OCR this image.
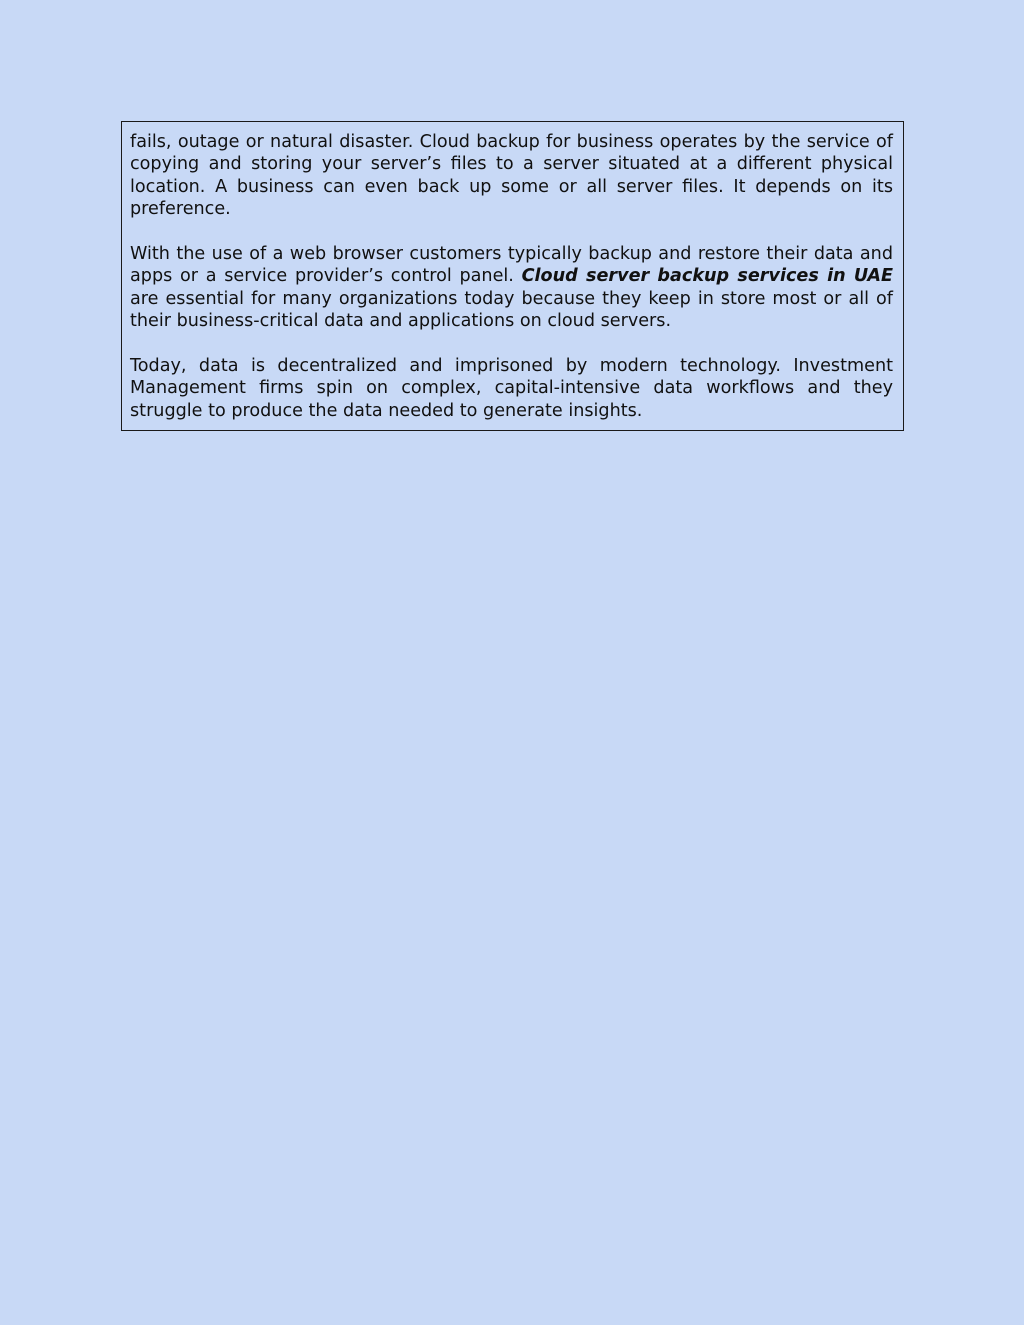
fails, outage or natural disaster. Cloud backup for business operates by the service of copying and storing your server’s files to a server situated at a different physical location. A business can even back up some or all server files. It depends on its preference.

With the use of a web browser customers typically backup and restore their data and apps or a service provider’s control panel. Cloud server backup services in UAE are essential for many organizations today because they keep in store most or all of their business-critical data and applications on cloud servers.

Today, data is decentralized and imprisoned by modern technology. Investment Management firms spin on complex, capital-intensive data workflows and they struggle to produce the data needed to generate insights.
